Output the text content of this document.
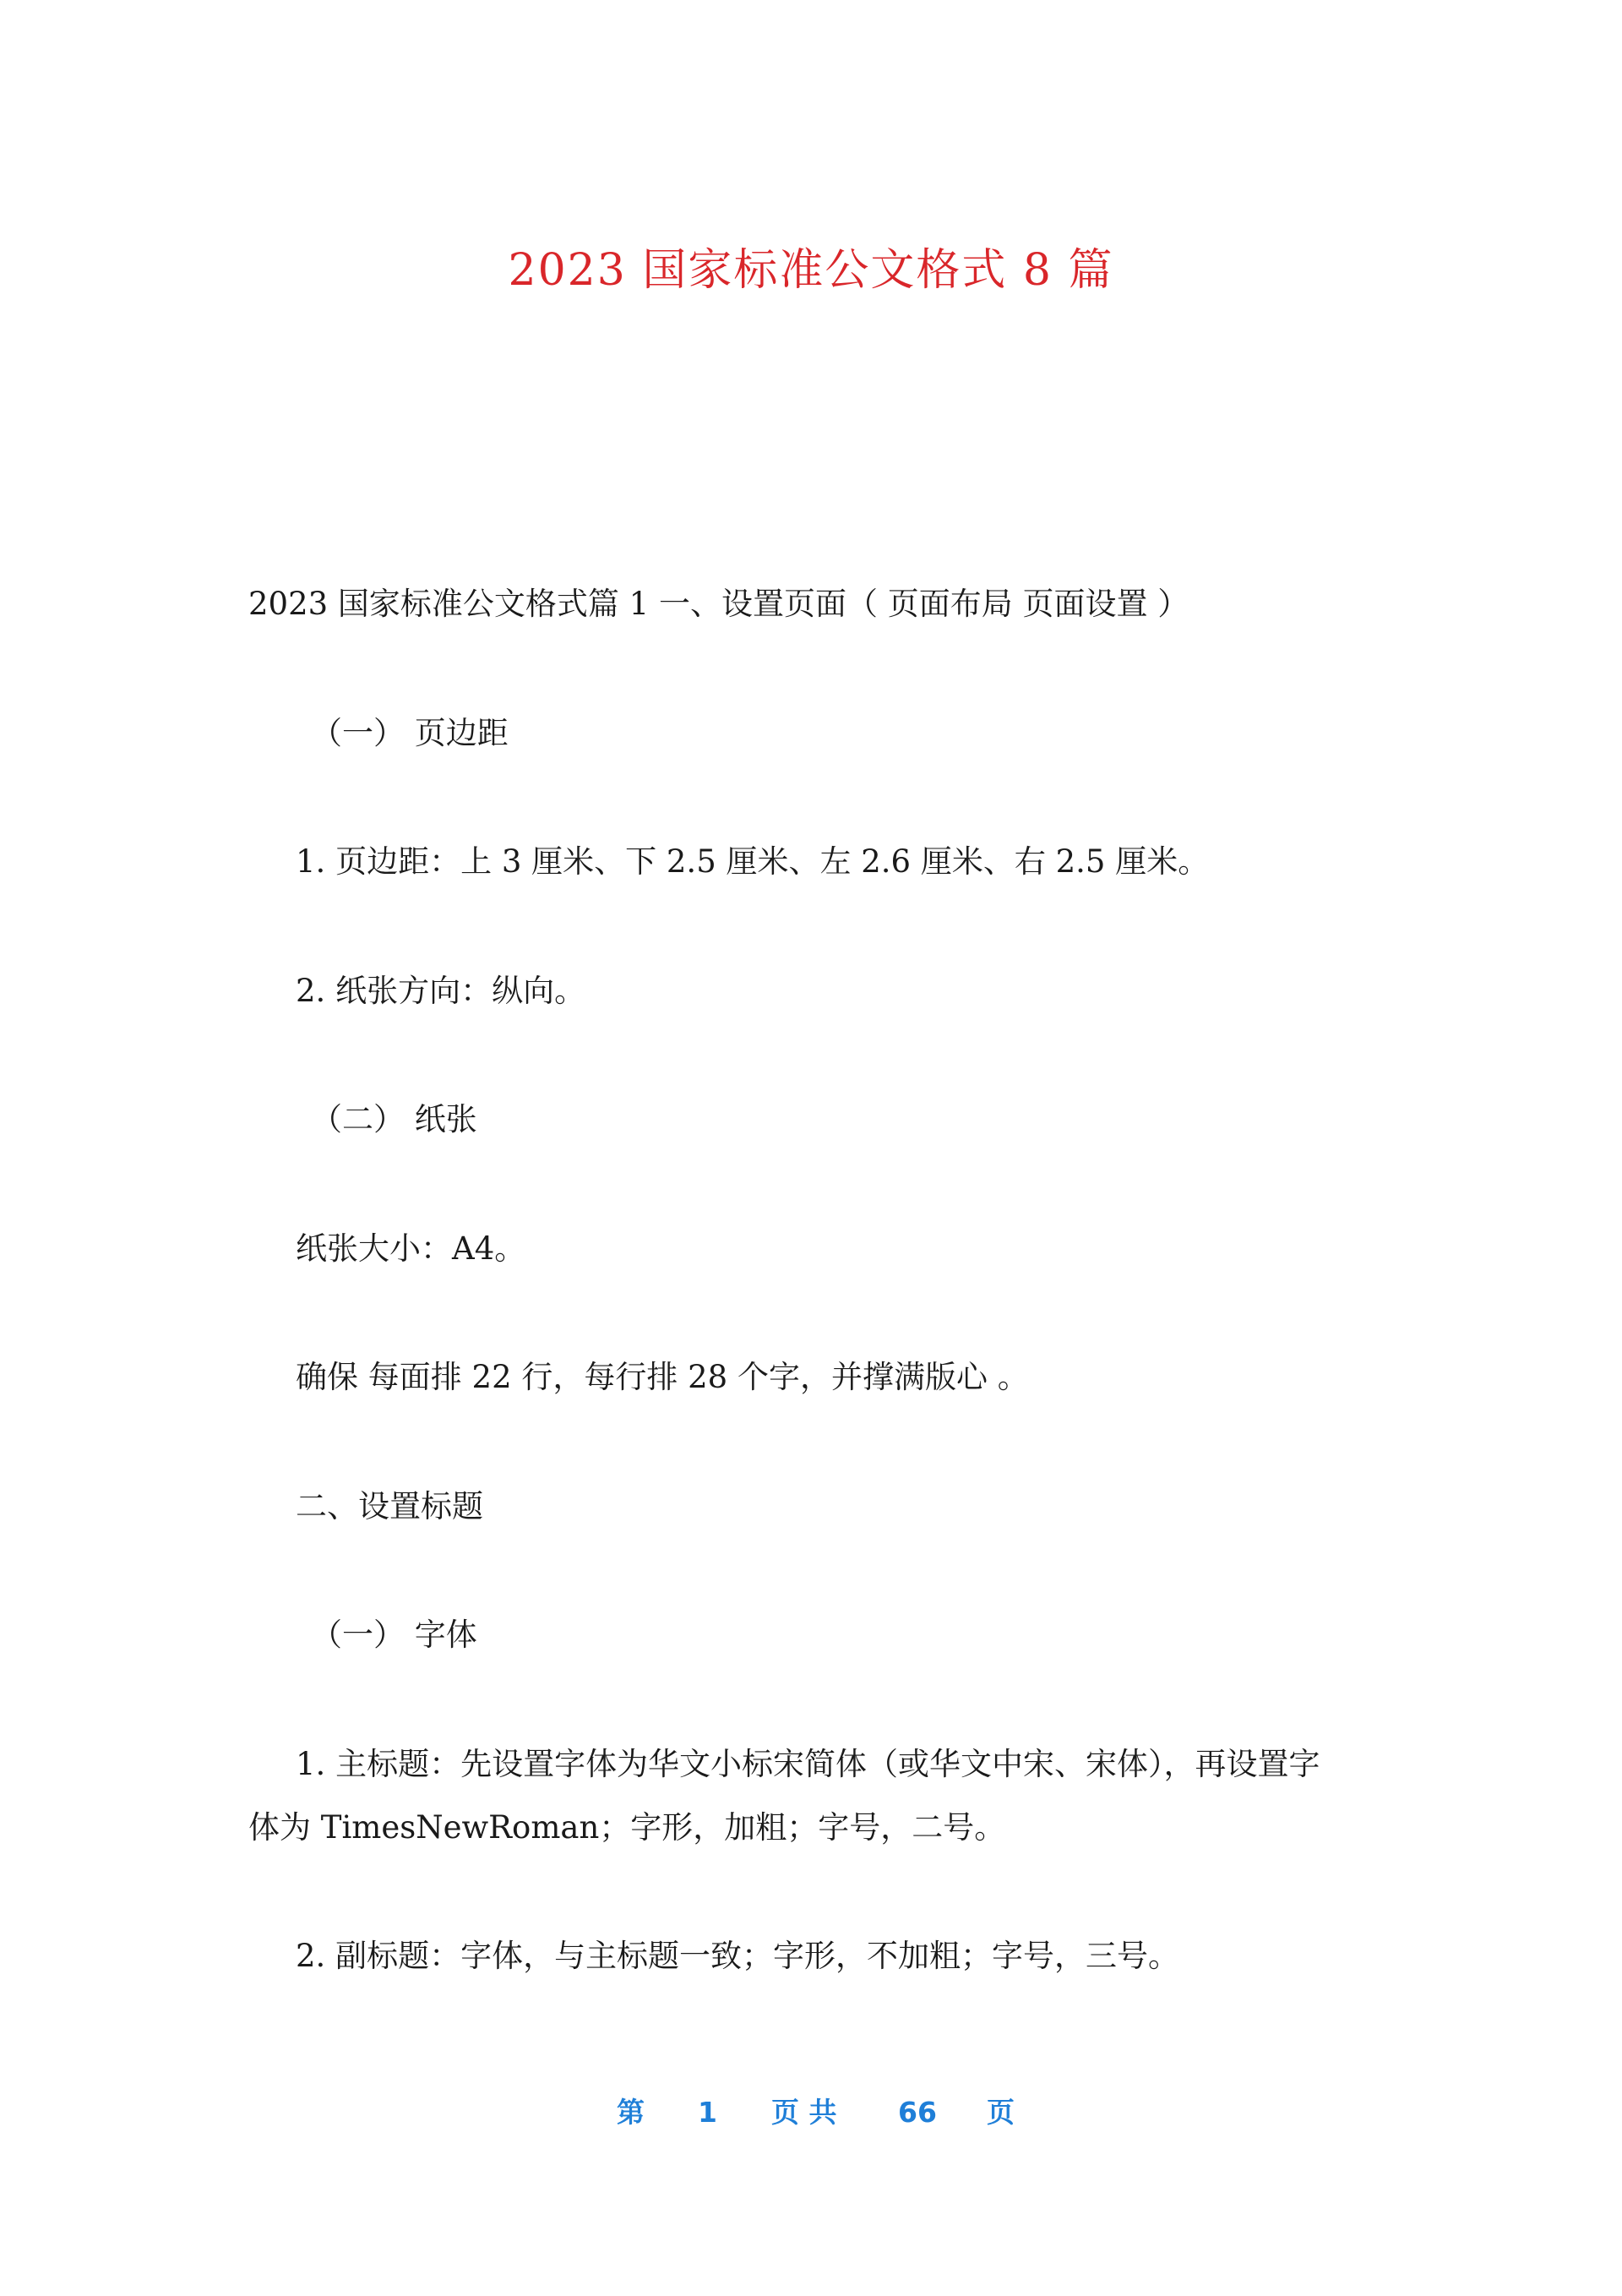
2023 国家标准公文格式 8 篇
2023 国家标准公文格式篇 1 一、设置页面（ 页面布局 页面设置 ）
（一） 页边距
1. 页边距：上 3 厘米、下 2.5 厘米、左 2.6 厘米、右 2.5 厘米。
2. 纸张方向：纵向。
（二） 纸张
纸张大小：A4。
确保 每面排 22 行，每行排 28 个字，并撑满版心 。
二、设置标题
（一） 字体
1. 主标题：先设置字体为华文小标宋简体（或华文中宋、宋体），再设置字
体为 TimesNewRoman；字形，加粗；字号，二号。
2. 副标题：字体，与主标题一致；字形，不加粗；字号，三号。
第 1 页 共 66 页
